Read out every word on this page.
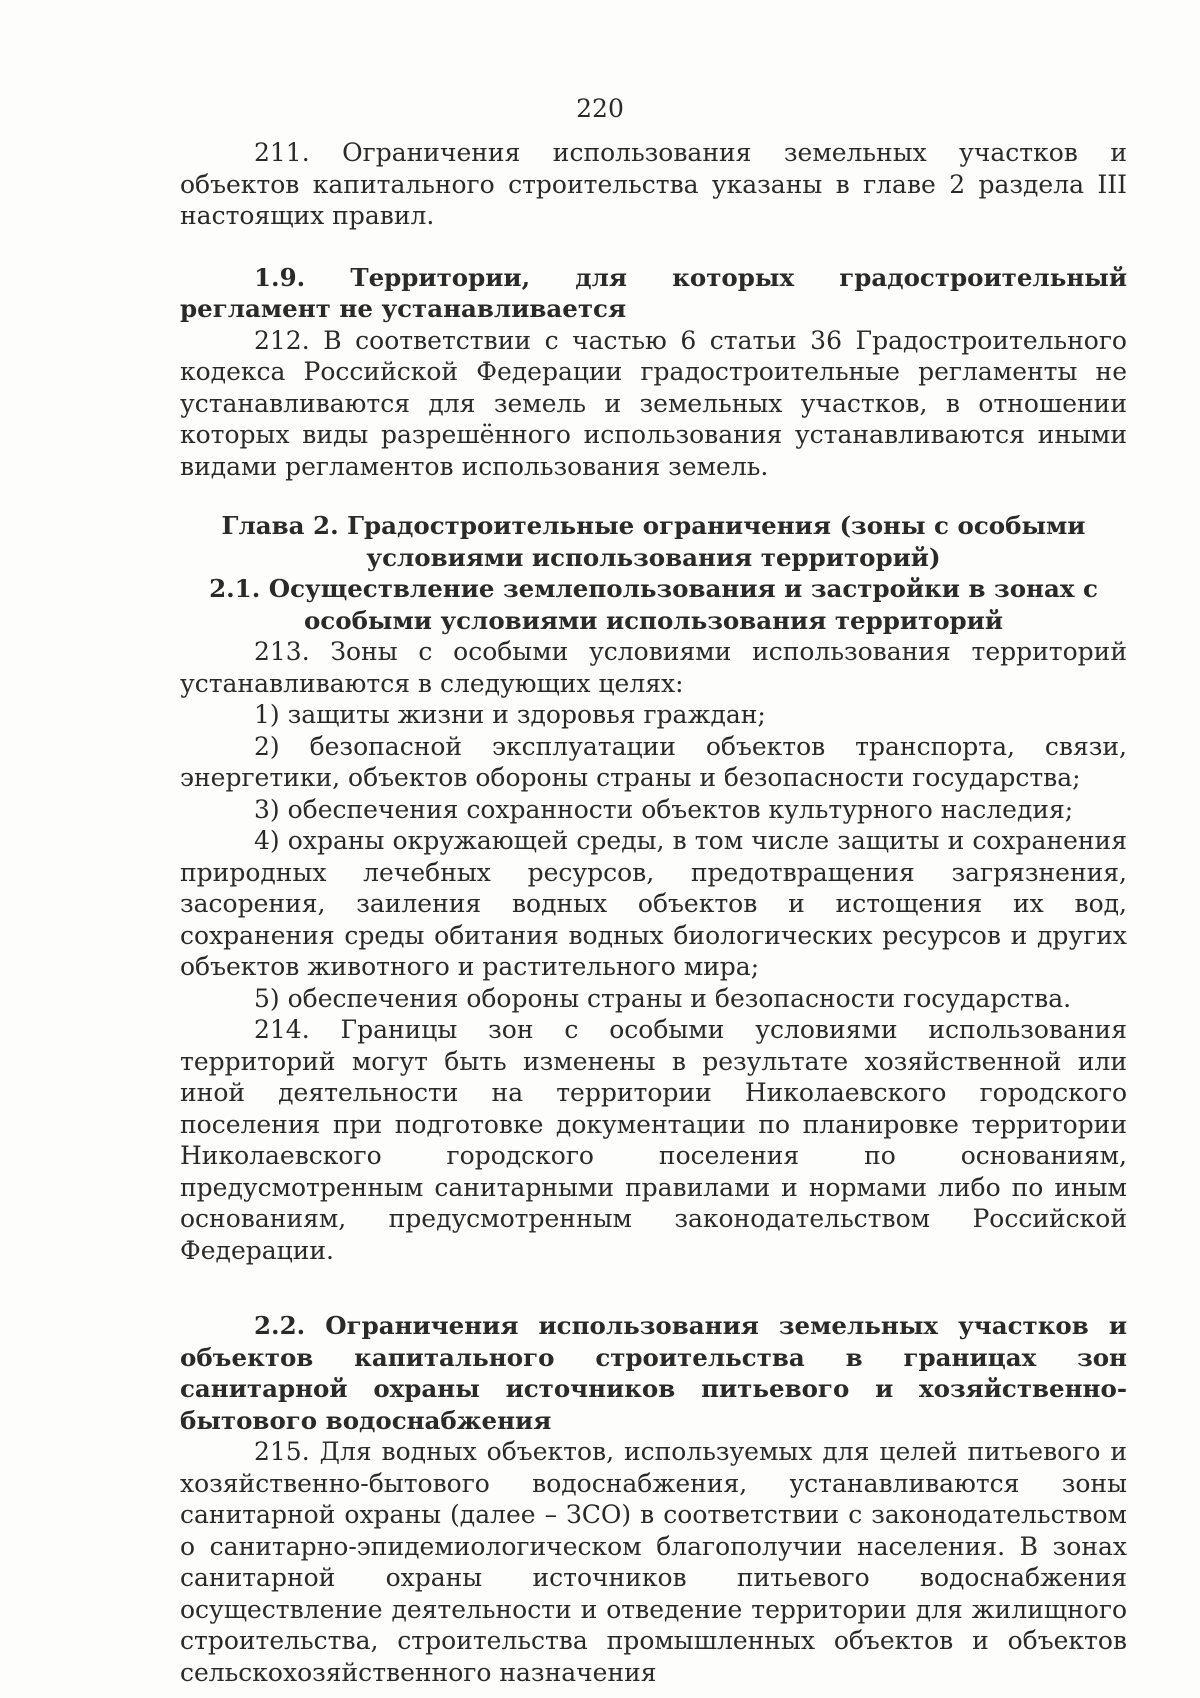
220

211. Ограничения использования земельных участков и объектов капитального строительства указаны в главе 2 раздела III настоящих правил.

1.9. Территории, для которых градостроительный регламент не устанавливается

212. В соответствии с частью 6 статьи 36 Градостроительного кодекса Российской Федерации градостроительные регламенты не устанавливаются для земель и земельных участков, в отношении которых виды разрешённого использования устанавливаются иными видами регламентов использования земель.

Глава 2. Градостроительные ограничения (зоны с особыми условиями использования территорий)

2.1. Осуществление землепользования и застройки в зонах с особыми условиями использования территорий

213. Зоны с особыми условиями использования территорий устанавливаются в следующих целях:

1) защиты жизни и здоровья граждан;

2) безопасной эксплуатации объектов транспорта, связи, энергетики, объектов обороны страны и безопасности государства;

3) обеспечения сохранности объектов культурного наследия;

4) охраны окружающей среды, в том числе защиты и сохранения природных лечебных ресурсов, предотвращения загрязнения, засорения, заиления водных объектов и истощения их вод, сохранения среды обитания водных биологических ресурсов и других объектов животного и растительного мира;

5) обеспечения обороны страны и безопасности государства.

214. Границы зон с особыми условиями использования территорий могут быть изменены в результате хозяйственной или иной деятельности на территории Николаевского городского поселения при подготовке документации по планировке территории Николаевского городского поселения по основаниям, предусмотренным санитарными правилами и нормами либо по иным основаниям, предусмотренным законодательством Российской Федерации.

2.2. Ограничения использования земельных участков и объектов капитального строительства в границах зон санитарной охраны источников питьевого и хозяйственно-бытового водоснабжения

215. Для водных объектов, используемых для целей питьевого и хозяйственно-бытового водоснабжения, устанавливаются зоны санитарной охраны (далее – ЗСО) в соответствии с законодательством о санитарно-эпидемиологическом благополучии населения. В зонах санитарной охраны источников питьевого водоснабжения осуществление деятельности и отведение территории для жилищного строительства, строительства промышленных объектов и объектов сельскохозяйственного назначения
